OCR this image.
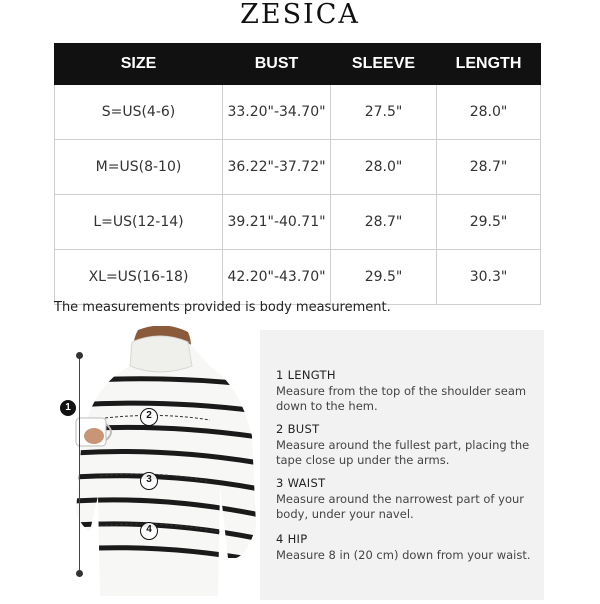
ZESICA
SIZE	BUST	SLEEVE	LENGTH
S=US(4-6)	33.20"-34.70"	27.5"	28.0"
M=US(8-10)	36.22"-37.72"	28.0"	28.7"
L=US(12-14)	39.21"-40.71"	28.7"	29.5"
XL=US(16-18)	42.20"-43.70"	29.5"	30.3"
The measurements provided is body measurement.
1
2
3
4
1 LENGTH
Measure from the top of the shoulder seam down to the hem.
2 BUST
Measure around the fullest part, placing the tape close up under the arms.
3 WAIST
Measure around the narrowest part of your body, under your navel.
4 HIP
Measure 8 in (20 cm) down from your waist.
